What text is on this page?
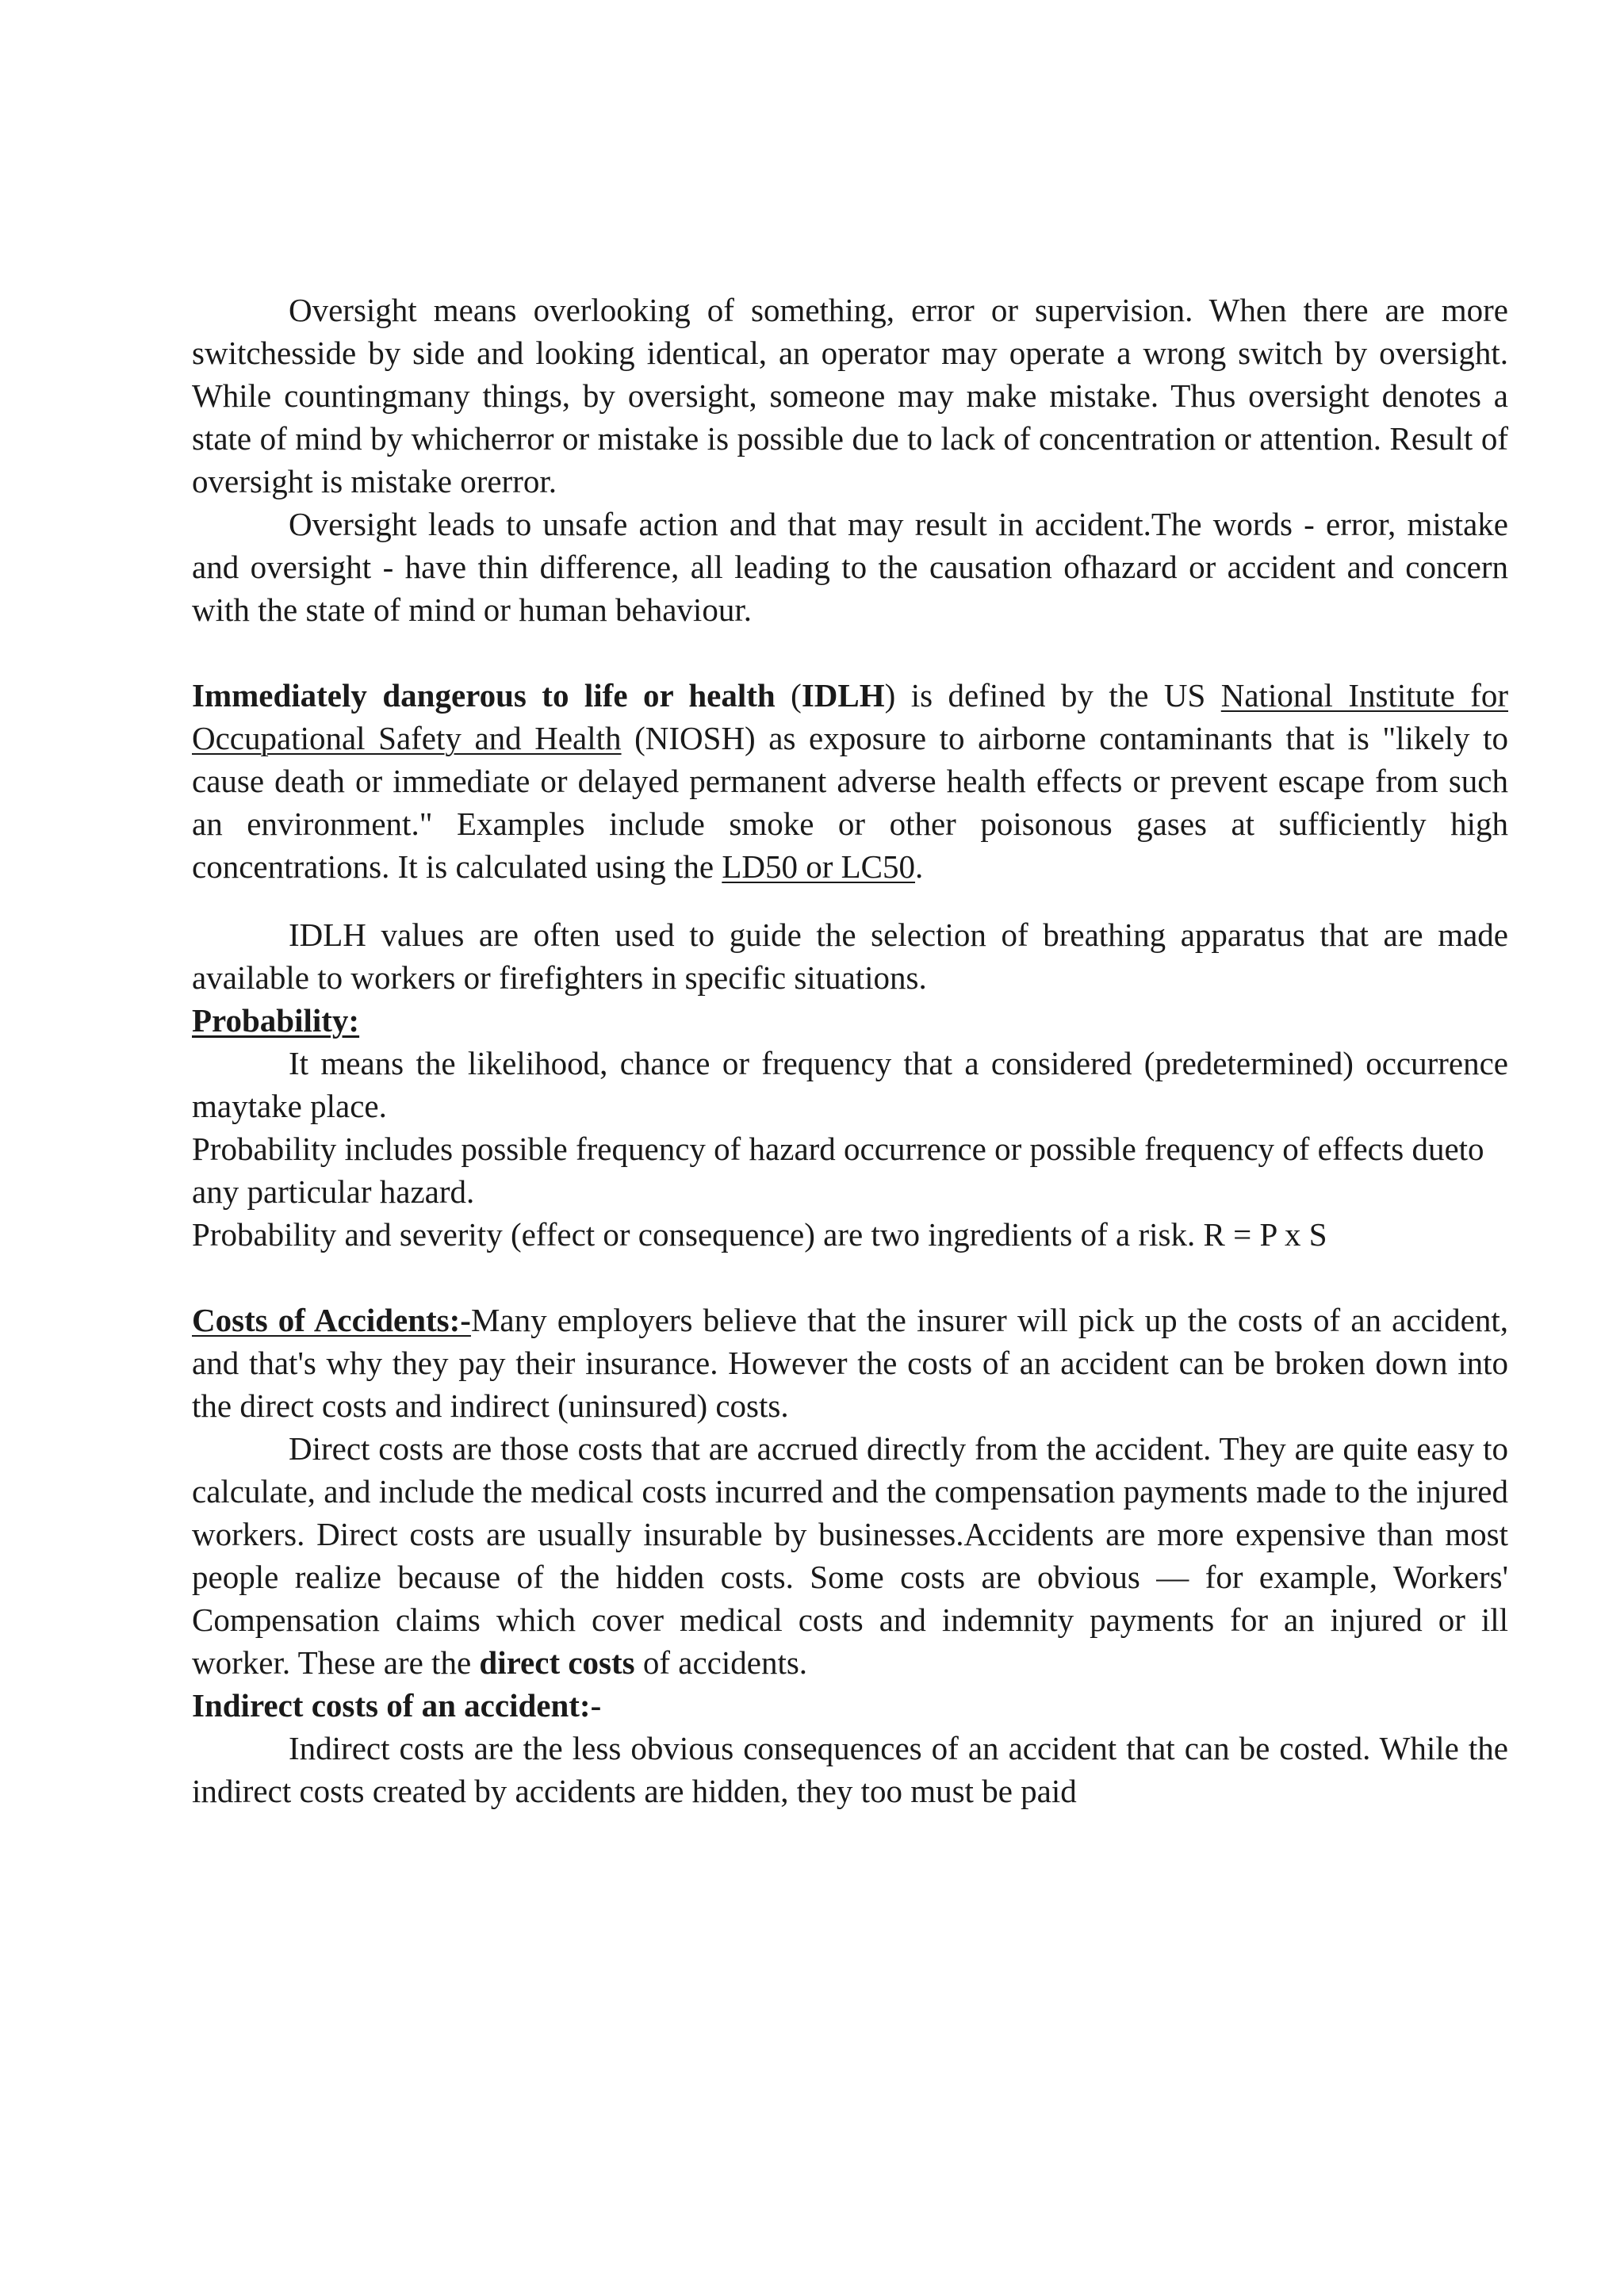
Oversight means overlooking of something, error or supervision. When there are more switchesside by side and looking identical, an operator may operate a wrong switch by oversight. While countingmany things, by oversight, someone may make mistake. Thus oversight denotes a state of mind by whicherror or mistake is possible due to lack of concentration or attention. Result of oversight is mistake orerror.

Oversight leads to unsafe action and that may result in accident.The words - error, mistake and oversight - have thin difference, all leading to the causation ofhazard or accident and concern with the state of mind or human behaviour.

Immediately dangerous to life or health (IDLH) is defined by the US National Institute for Occupational Safety and Health (NIOSH) as exposure to airborne contaminants that is "likely to cause death or immediate or delayed permanent adverse health effects or prevent escape from such an environment." Examples include smoke or other poisonous gases at sufficiently high concentrations. It is calculated using the LD50 or LC50.

IDLH values are often used to guide the selection of breathing apparatus that are made available to workers or firefighters in specific situations.

Probability:

It means the likelihood, chance or frequency that a considered (predetermined) occurrence maytake place.

Probability includes possible frequency of hazard occurrence or possible frequency of effects dueto any particular hazard.

Probability and severity (effect or consequence) are two ingredients of a risk. R = P x S

Costs of Accidents:-Many employers believe that the insurer will pick up the costs of an accident, and that's why they pay their insurance. However the costs of an accident can be broken down into the direct costs and indirect (uninsured) costs.

Direct costs are those costs that are accrued directly from the accident. They are quite easy to calculate, and include the medical costs incurred and the compensation payments made to the injured workers. Direct costs are usually insurable by businesses.Accidents are more expensive than most people realize because of the hidden costs. Some costs are obvious — for example, Workers' Compensation claims which cover medical costs and indemnity payments for an injured or ill worker. These are the direct costs of accidents.

Indirect costs of an accident:-

Indirect costs are the less obvious consequences of an accident that can be costed. While the indirect costs created by accidents are hidden, they too must be paid
